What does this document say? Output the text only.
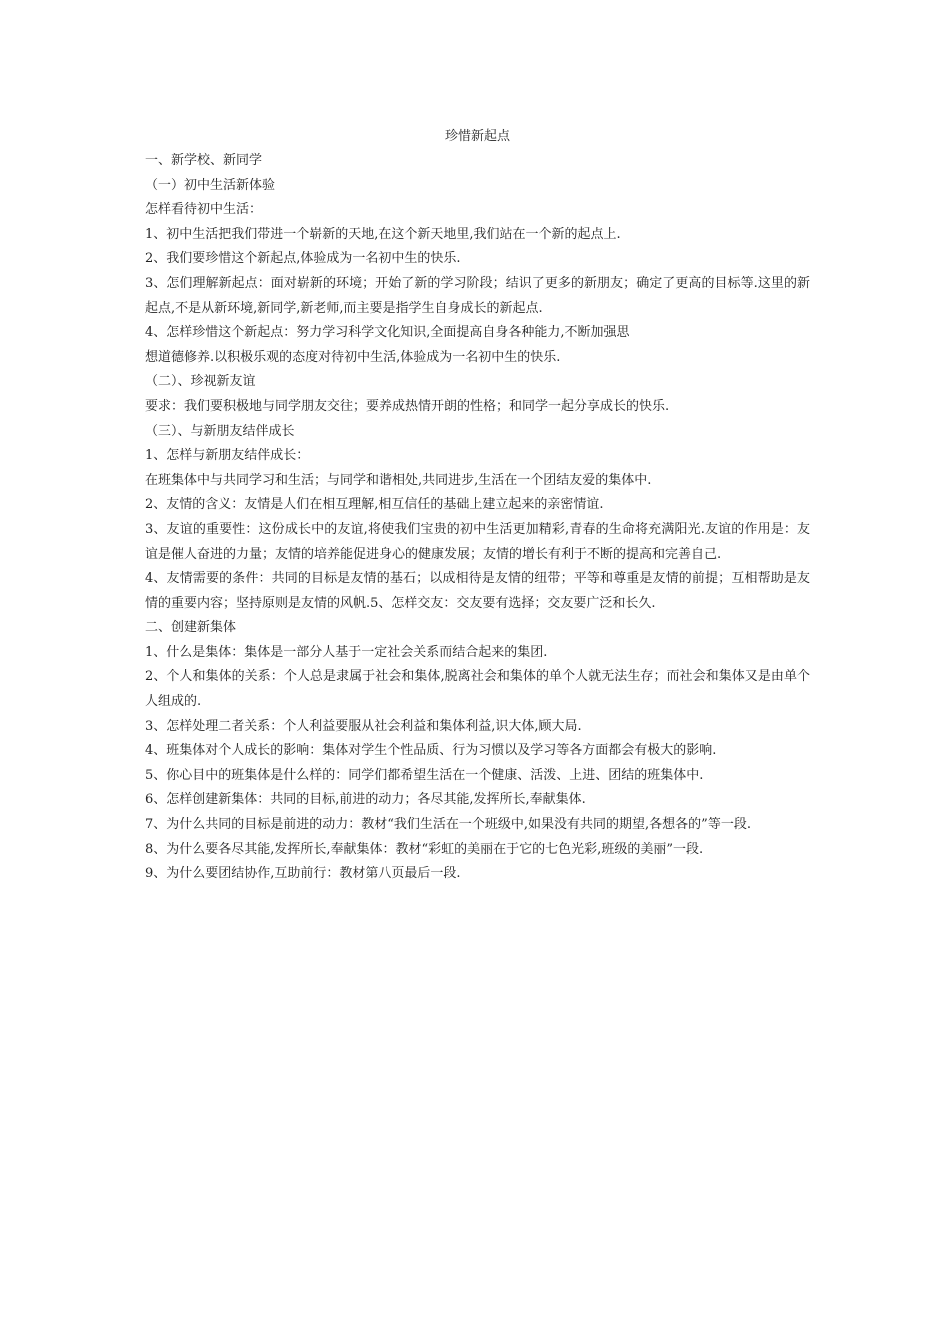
珍惜新起点

一、新学校、新同学

（一）初中生活新体验

怎样看待初中生活：

1、初中生活把我们带进一个崭新的天地,在这个新天地里,我们站在一个新的起点上.

2、我们要珍惜这个新起点,体验成为一名初中生的快乐.

3、怎们理解新起点：面对崭新的环境；开始了新的学习阶段；结识了更多的新朋友；确定了更高的目标等.这里的新起点,不是从新环境,新同学,新老师,而主要是指学生自身成长的新起点.

4、怎样珍惜这个新起点：努力学习科学文化知识,全面提高自身各种能力,不断加强思

想道德修养.以积极乐观的态度对待初中生活,体验成为一名初中生的快乐.

（二）、珍视新友谊

要求：我们要积极地与同学朋友交往；要养成热情开朗的性格；和同学一起分享成长的快乐.

（三）、与新朋友结伴成长

1、怎样与新朋友结伴成长：

在班集体中与共同学习和生活；与同学和谐相处,共同进步,生活在一个团结友爱的集体中.

2、友情的含义：友情是人们在相互理解,相互信任的基础上建立起来的亲密情谊.

3、友谊的重要性：这份成长中的友谊,将使我们宝贵的初中生活更加精彩,青春的生命将充满阳光.友谊的作用是：友谊是催人奋进的力量；友情的培养能促进身心的健康发展；友情的增长有利于不断的提高和完善自己.

4、友情需要的条件：共同的目标是友情的基石；以成相待是友情的纽带；平等和尊重是友情的前提；互相帮助是友情的重要内容；坚持原则是友情的风帆.5、怎样交友：交友要有选择；交友要广泛和长久.

二、创建新集体

1、什么是集体：集体是一部分人基于一定社会关系而结合起来的集团.

2、个人和集体的关系：个人总是隶属于社会和集体,脱离社会和集体的单个人就无法生存；而社会和集体又是由单个人组成的.

3、怎样处理二者关系：个人利益要服从社会利益和集体利益,识大体,顾大局.

4、班集体对个人成长的影响：集体对学生个性品质、行为习惯以及学习等各方面都会有极大的影响.

5、你心目中的班集体是什么样的：同学们都希望生活在一个健康、活泼、上进、团结的班集体中.

6、怎样创建新集体：共同的目标,前进的动力；各尽其能,发挥所长,奉献集体.

7、为什么共同的目标是前进的动力：教材“我们生活在一个班级中,如果没有共同的期望,各想各的”等一段.

8、为什么要各尽其能,发挥所长,奉献集体：教材“彩虹的美丽在于它的七色光彩,班级的美丽”一段.

9、为什么要团结协作,互助前行：教材第八页最后一段.
